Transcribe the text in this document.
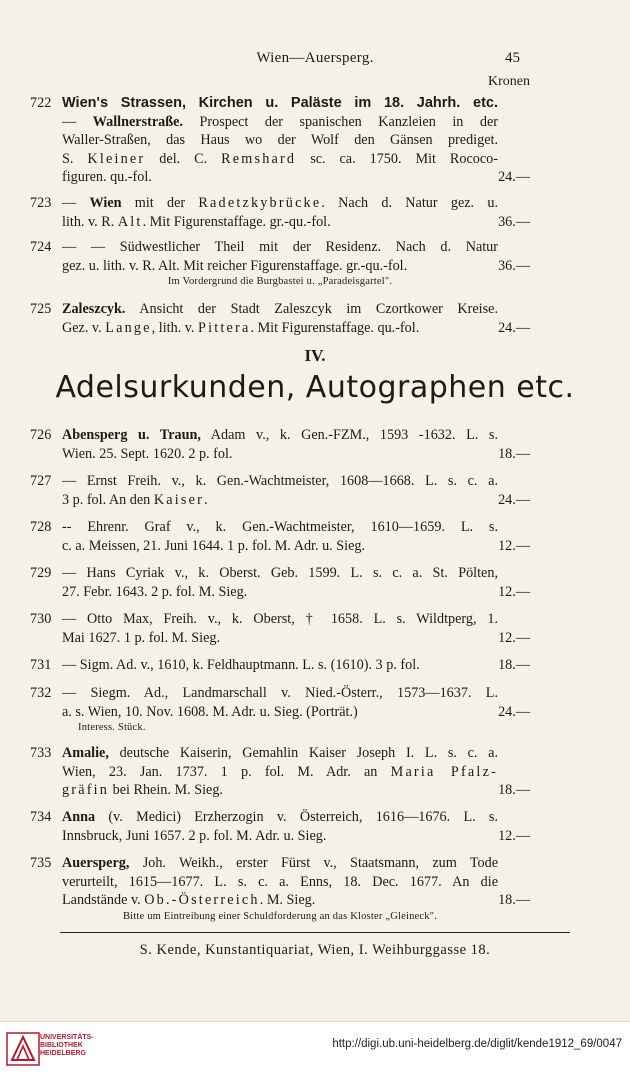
Wien—Auersperg.	45
Kronen
722 Wien's Strassen, Kirchen u. Paläste im 18. Jahrh. etc.
— Wallnerstraße. Prospect der spanischen Kanzleien in der
Waller-Straßen, das Haus wo der Wolf den Gänsen prediget.
S. Kleiner del. C. Remshard sc. ca. 1750. Mit Rococo-
figuren. qu.-fol.	24.—
723 — Wien mit der Radetzkybrücke. Nach d. Natur gez. u.
lith. v. R. Alt. Mit Figurenstaffage. gr.-qu.-fol.	36.—
724 — — Südwestlicher Theil mit der Residenz. Nach d. Natur
gez. u. lith. v. R. Alt. Mit reicher Figurenstaffage. gr.-qu.-fol.
Im Vordergrund die Burgbastei u. „Paradeisgartel".
36.—
725 Zaleszcyk. Ansicht der Stadt Zaleszcyk im Czortkower Kreise.
Gez. v. Lange, lith. v. Pittera. Mit Figurenstaffage. qu.-fol.	24.—
IV.
Adelsurkunden, Autographen etc.
726 Abensperg u. Traun, Adam v., k. Gen.-FZM., 1593 -1632. L. s.
Wien. 25. Sept. 1620. 2 p. fol.	18.—
727 — Ernst Freih. v., k. Gen.-Wachtmeister, 1608—1668. L. s. c. a.
3 p. fol. An den Kaiser.	24.—
728 -- Ehrenr. Graf v., k. Gen.-Wachtmeister, 1610—1659. L. s.
c. a. Meissen, 21. Juni 1644. 1 p. fol. M. Adr. u. Sieg.	12.—
729 — Hans Cyriak v., k. Oberst. Geb. 1599. L. s. c. a. St. Pölten,
27. Febr. 1643. 2 p. fol. M. Sieg.	12.—
730 — Otto Max, Freih. v., k. Oberst, † 1658. L. s. Wildtperg, 1.
Mai 1627. 1 p. fol. M. Sieg.	12.—
731 — Sigm. Ad. v., 1610, k. Feldhauptmann. L. s. (1610). 3 p. fol.	18.—
732 — Siegm. Ad., Landmarschall v. Nied.-Österr., 1573—1637. L.
a. s. Wien, 10. Nov. 1608. M. Adr. u. Sieg. (Porträt.)
Interess. Stück.
24.—
733 Amalie, deutsche Kaiserin, Gemahlin Kaiser Joseph I. L. s. c. a.
Wien, 23. Jan. 1737. 1 p. fol. M. Adr. an Maria Pfalz-
gräfin bei Rhein. M. Sieg.	18.—
734 Anna (v. Medici) Erzherzogin v. Österreich, 1616—1676. L. s.
Innsbruck, Juni 1657. 2 p. fol. M. Adr. u. Sieg.	12.—
735 Auersperg, Joh. Weikh., erster Fürst v., Staatsmann, zum Tode
verurteilt, 1615—1677. L. s. c. a. Enns, 18. Dec. 1677. An die
Landstände v. Ob.-Österreich. M. Sieg.
Bitte um Eintreibung einer Schuldforderung an das Kloster „Gleineck".
18.—
S. Kende, Kunstantiquariat, Wien, I. Weihburggasse 18.
UNIVERSITÄTS-
BIBLIOTHEK
HEIDELBERG
http://digi.ub.uni-heidelberg.de/diglit/kende1912_69/0047
